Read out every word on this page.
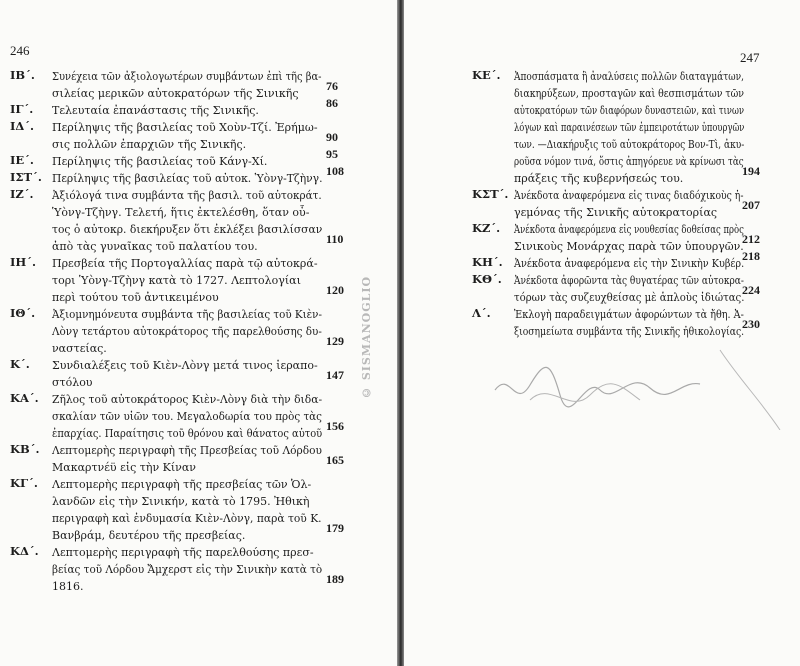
246
ΙΒ΄. Συνέχεια τῶν ἀξιολογωτέρων συμβάντων ἐπὶ τῆς βα-
σιλείας μερικῶν αὐτοκρατόρων τῆς Σινικῆς
76
ΙΓ΄. Τελευταία ἐπανάστασις τῆς Σινικῆς.
86
ΙΔ΄. Περίληψις τῆς βασιλείας τοῦ Χοὺν-Τζί. Ἐρήμω-
σις πολλῶν ἐπαρχιῶν τῆς Σινικῆς.
90
ΙΕ΄. Περίληψις τῆς βασιλείας τοῦ Κάνγ-Χί.
95
ΙΣΤ΄. Περίληψις τῆς βασιλείας τοῦ αὐτοκ. Ὑὸνγ-Τζὴνγ.
108
ΙΖ΄. Ἀξιόλογά τινα συμβάντα τῆς βασιλ. τοῦ αὐτοκράτ.
Ὑὸνγ-Τζὴνγ. Τελετή, ἥτις ἐκτελέσθη, ὅταν οὗ-
τος ὁ αὐτοκρ. διεκήρυξεν ὅτι ἐκλέξει βασιλίσσαν
ἀπὸ τὰς γυναῖκας τοῦ παλατίου του.
110
ΙΗ΄. Πρεσβεία τῆς Πορτογαλλίας παρὰ τῷ αὐτοκρά-
τορι Ὑὸνγ-Τζὴνγ κατὰ τὸ 1727. Λεπτολογίαι
περὶ τούτου τοῦ ἀντικειμένου
120
ΙΘ΄. Ἀξιομνημόνευτα συμβάντα τῆς βασιλείας τοῦ Κιὲν-
Λὸνγ τετάρτου αὐτοκράτορος τῆς παρελθούσης δυ-
ναστείας.
129
Κ΄. Συνδιαλέξεις τοῦ Κιὲν-Λὸνγ μετά τινος ἱεραπο-
στόλου
147
ΚΑ΄. Ζῆλος τοῦ αὐτοκράτορος Κιὲν-Λὸνγ διὰ τὴν διδα-
σκαλίαν τῶν υἱῶν του. Μεγαλοδωρία του πρὸς τὰς
ἐπαρχίας. Παραίτησις τοῦ θρόνου καὶ θάνατος αὐτοῦ
156
ΚΒ΄. Λεπτομερὴς περιγραφὴ τῆς Πρεσβείας τοῦ Λόρδου
Μακαρτνέϋ εἰς τὴν Κίναν
165
ΚΓ΄. Λεπτομερὴς περιγραφὴ τῆς πρεσβείας τῶν Ὁλ-
λανδῶν εἰς τὴν Σινικήν, κατὰ τὸ 1795. Ἠθικὴ
περιγραφὴ καὶ ἐνδυμασία Κιὲν-Λὸνγ, παρὰ τοῦ Κ.
Βανβράμ, δευτέρου τῆς πρεσβείας.
179
ΚΔ΄. Λεπτομερὴς περιγραφὴ τῆς παρελθούσης πρεσ-
βείας τοῦ Λόρδου Ἄμχερστ εἰς τὴν Σινικὴν κατὰ τὸ
1816.
189
247
ΚΕ΄. Ἀποσπάσματα ἢ ἀναλύσεις πολλῶν διαταγμάτων,
διακηρύξεων, προσταγῶν καὶ θεσπισμάτων τῶν
αὐτοκρατόρων τῶν διαφόρων δυναστειῶν, καὶ τινων
λόγων καὶ παραινέσεων τῶν ἐμπειροτάτων ὑπουργῶν
των. —Διακήρυξις τοῦ αὐτοκράτορος Βον-Τὶ, ἀκυ-
ροῦσα νόμον τινά, ὅστις ἀπηγόρευε νὰ κρίνωσι τὰς
πράξεις τῆς κυβερνήσεώς του.
194
ΚΣΤ΄. Ἀνέκδοτα ἀναφερόμενα εἰς τινας διαδόχικοὺς ἡ-
γεμόνας τῆς Σινικῆς αὐτοκρατορίας
207
ΚΖ΄. Ἀνέκδοτα ἀναφερόμενα εἰς νουθεσίας δοθείσας πρὸς
Σινικοὺς Μονάρχας παρὰ τῶν ὑπουργῶν.
212
ΚΗ΄. Ἀνέκδοτα ἀναφερόμενα εἰς τὴν Σινικὴν Κυβέρ.
218
ΚΘ΄. Ἀνέκδοτα ἀφορῶντα τὰς θυγατέρας τῶν αὐτοκρα-
τόρων τὰς συζευχθείσας μὲ ἁπλοὺς ἰδιώτας.
224
Λ΄. Ἐκλογὴ παραδειγμάτων ἀφορώντων τὰ ἤθη. Ἀ-
ξιοσημείωτα συμβάντα τῆς Σινικῆς ἠθικολογίας.
230
© SISMANOGLIO
